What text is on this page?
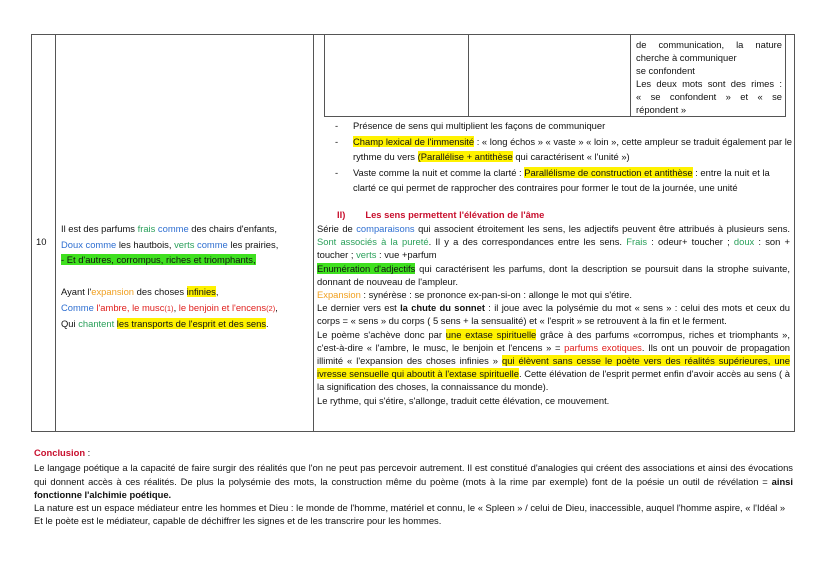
10
Il est des parfums frais comme des chairs d'enfants,
Doux comme les hautbois, verts comme les prairies,
- Et d'autres, corrompus, riches et triomphants,
Ayant l'expansion des choses infinies,
Comme l'ambre, le musc(1), le benjoin et l'encens(2),
Qui chantent les transports de l'esprit et des sens.
de communication, la nature
cherche à communiquer
se confondent
Les deux mots sont des rimes :
« se confondent » et « se
répondent »
- Présence de sens qui multiplient les façons de communiquer
- Champ lexical de l'immensité : « long échos » « vaste » « loin », cette ampleur se traduit également par le rythme du vers (Parallélise + antithèse qui caractérisent « l'unité »)
- Vaste comme la nuit et comme la clarté : Parallélisme de construction et antithèse : entre la nuit et la clarté ce qui permet de rapprocher des contraires pour former le tout de la journée, une unité
II) Les sens permettent l'élévation de l'âme
Série de comparaisons qui associent étroitement les sens, les adjectifs peuvent être attribués à plusieurs sens. Sont associés à la pureté. Il y a des correspondances entre les sens. Frais : odeur+ toucher ; doux : son + toucher ; verts : vue +parfum
Enumération d'adjectifs qui caractérisent les parfums, dont la description se poursuit dans la strophe suivante, donnant de nouveau de l'ampleur.
Expansion : synérèse : se prononce ex-pan-si-on : allonge le mot qui s'étire.
Le dernier vers est la chute du sonnet : il joue avec la polysémie du mot « sens » : celui des mots et ceux du corps = « sens » du corps ( 5 sens + la sensualité) et « l'esprit » se retrouvent à la fin et le ferment.
Le poème s'achève donc par une extase spirituelle grâce à des parfums «corrompus, riches et triomphants », c'est-à-dire « l'ambre, le musc, le benjoin et l'encens » = parfums exotiques. Ils ont un pouvoir de propagation illimité « l'expansion des choses infinies » qui élèvent sans cesse le poète vers des réalités supérieures, une ivresse sensuelle qui aboutit à l'extase spirituelle. Cette élévation de l'esprit permet enfin d'avoir accès au sens ( à la signification des choses, la connaissance du monde).
Le rythme, qui s'étire, s'allonge, traduit cette élévation, ce mouvement.
Conclusion :
Le langage poétique a la capacité de faire surgir des réalités que l'on ne peut pas percevoir autrement. Il est constitué d'analogies qui créent des associations et ainsi des évocations qui donnent accès à ces réalités. De plus la polysémie des mots, la construction même du poème (mots à la rime par exemple) font de la poésie un outil de révélation = ainsi fonctionne l'alchimie poétique.
La nature est un espace médiateur entre les hommes et Dieu : le monde de l'homme, matériel et connu, le « Spleen » / celui de Dieu, inaccessible, auquel l'homme aspire, « l'Idéal »
Et le poète est le médiateur, capable de déchiffrer les signes et de les transcrire pour les hommes.
